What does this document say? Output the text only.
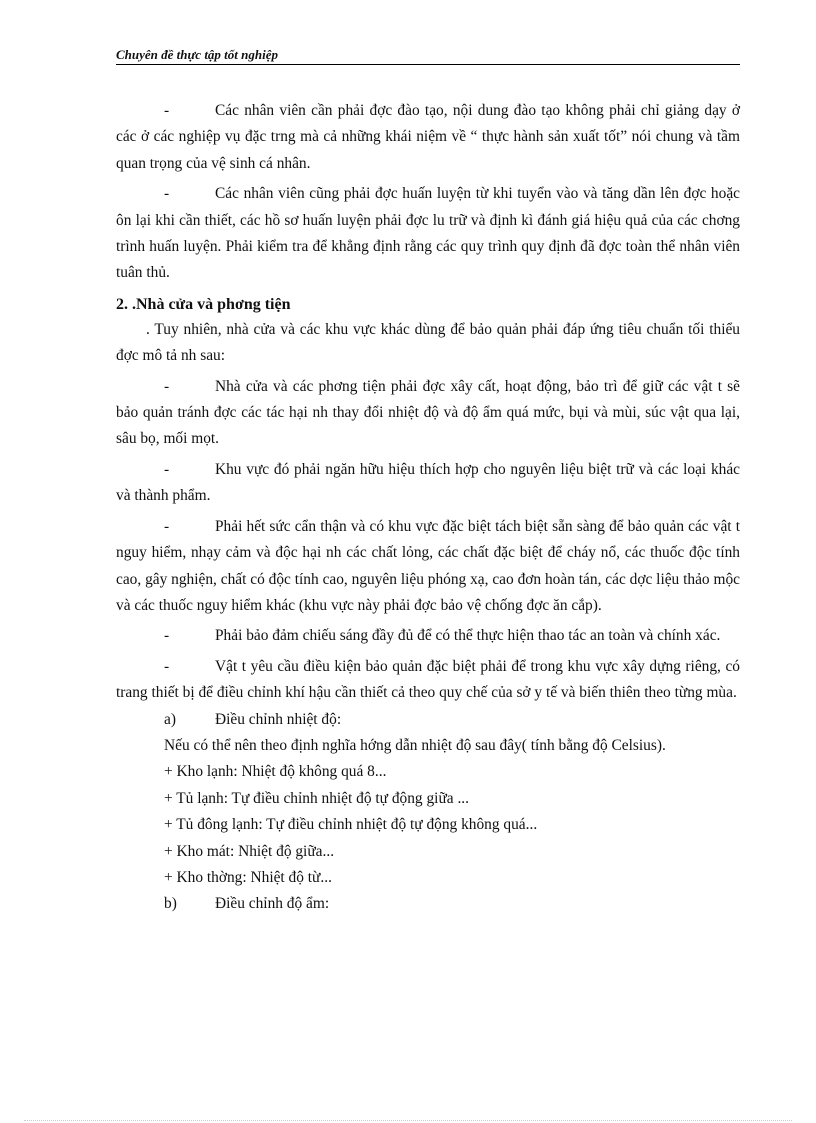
Chuyên đề thực tập tốt nghiệp

-	Các nhân viên cần phải đợc đào tạo, nội dung đào tạo không phải chỉ giảng dạy ở các ở các nghiệp vụ đặc trng mà cả những khái niệm về “ thực hành sản xuất tốt” nói chung và tầm quan trọng của vệ sinh cá nhân.

-	Các nhân viên cũng phải đợc huấn luyện từ khi tuyển vào và tăng dần lên đợc hoặc ôn lại khi cần thiết, các hồ sơ huấn luyện phải đợc lu trữ và định kì đánh giá hiệu quả của các chơng trình huấn luyện. Phải kiểm tra để khẳng định rằng các quy trình quy định đã đợc toàn thể nhân viên tuân thủ.

2. .Nhà cửa và phơng tiện

. Tuy nhiên, nhà cửa và các khu vực khác dùng để bảo quản phải đáp ứng tiêu chuẩn tối thiểu đợc mô tả nh sau:

-	Nhà cửa và các phơng tiện phải đợc xây cất, hoạt động, bảo trì để giữ các vật t sẽ bảo quản tránh đợc các tác hại nh thay đổi nhiệt độ và độ ẩm quá mức, bụi và mùi, súc vật qua lại, sâu bọ, mối mọt.

-	Khu vực đó phải ngăn hữu hiệu thích hợp cho nguyên liệu biệt trữ và các loại khác và thành phẩm.

-	Phải hết sức cẩn thận và có khu vực đặc biệt tách biệt sẵn sàng để bảo quản các vật t nguy hiểm, nhạy cảm và độc hại nh các chất lỏng, các chất đặc biệt để cháy nổ, các thuốc độc tính cao, gây nghiện, chất có độc tính cao, nguyên liệu phóng xạ, cao đơn hoàn tán, các dợc liệu thảo mộc và các thuốc nguy hiểm khác (khu vực này phải đợc bảo vệ chống đợc ăn cắp).

-	Phải bảo đảm chiếu sáng đầy đủ để có thể thực hiện thao tác an toàn và chính xác.

-	Vật t yêu cầu điều kiện bảo quản đặc biệt phải để trong khu vực xây dựng riêng, có trang thiết bị để điều chỉnh khí hậu cần thiết cả theo quy chế của sở y tế và biến thiên theo từng mùa.

a)	Điều chỉnh nhiệt độ:

Nếu có thể nên theo định nghĩa hớng dẫn nhiệt độ sau đây( tính bằng độ Celsius).

+ Kho lạnh: Nhiệt độ không quá 8...

+ Tủ lạnh: Tự điều chỉnh nhiệt độ tự động giữa ...

+ Tủ đông lạnh: Tự điều chỉnh nhiệt độ tự động không quá...

+ Kho mát: Nhiệt độ giữa...

+ Kho thờng: Nhiệt độ từ...

b) Điều chỉnh độ ẩm:
